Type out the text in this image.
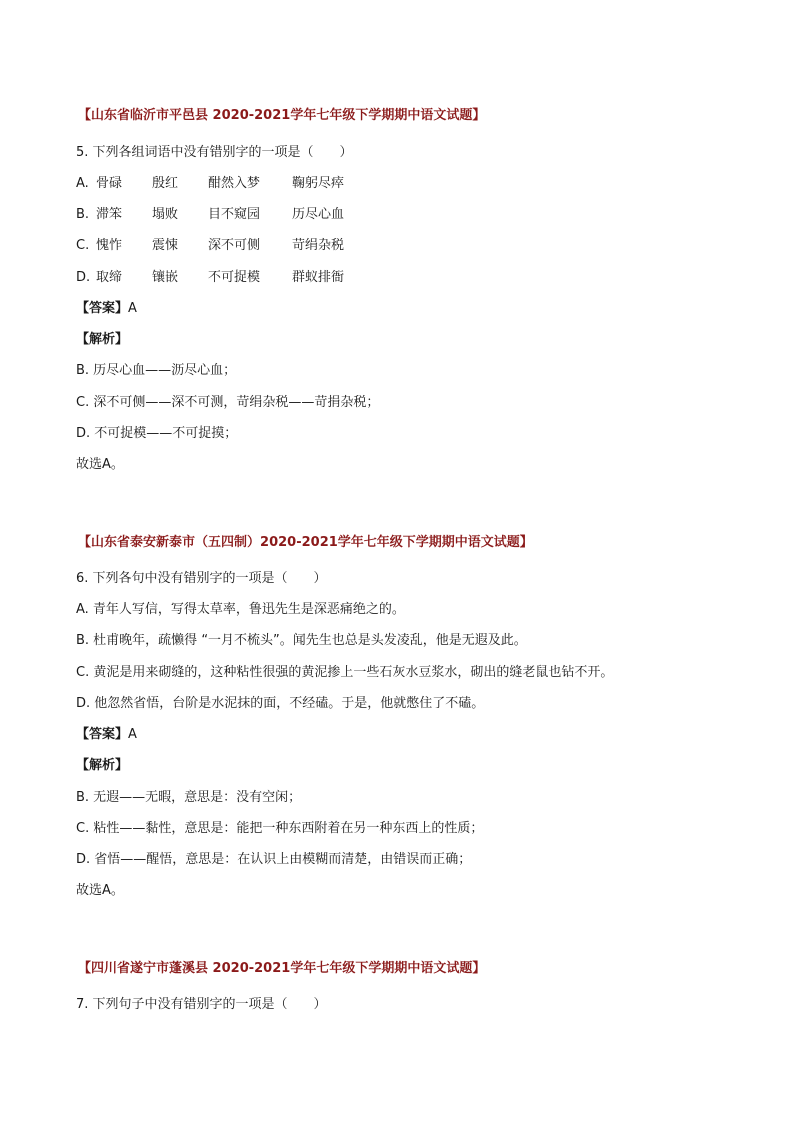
【山东省临沂市平邑县 2020-2021学年七年级下学期期中语文试题】
5. 下列各组词语中没有错别字的一项是（　　）
A. 骨碌 殷红 酣然入梦 鞠躬尽瘁
B. 滞笨 塌败 目不窥园 历尽心血
C. 愧怍 震悚 深不可侧 苛绢杂税
D. 取缔 镶嵌 不可捉模 群蚁排衙
【答案】A
【解析】
B. 历尽心血——沥尽心血；
C. 深不可侧——深不可测，苛绢杂税——苛捐杂税；
D. 不可捉模——不可捉摸；
故选A。
【山东省泰安新泰市（五四制）2020-2021学年七年级下学期期中语文试题】
6. 下列各句中没有错别字的一项是（　　）
A. 青年人写信，写得太草率，鲁迅先生是深恶痛绝之的。
B. 杜甫晚年，疏懒得 “一月不梳头”。闻先生也总是头发凌乱，他是无遐及此。
C. 黄泥是用来砌缝的，这种粘性很强的黄泥掺上一些石灰水豆浆水，砌出的缝老鼠也钻不开。
D. 他忽然省悟，台阶是水泥抹的面，不经磕。于是，他就憋住了不磕。
【答案】A
【解析】
B. 无遐——无暇，意思是：没有空闲；
C. 粘性——黏性，意思是：能把一种东西附着在另一种东西上的性质；
D. 省悟——醒悟，意思是：在认识上由模糊而清楚，由错误而正确；
故选A。
【四川省遂宁市蓬溪县 2020-2021学年七年级下学期期中语文试题】
7. 下列句子中没有错别字的一项是（　　）
